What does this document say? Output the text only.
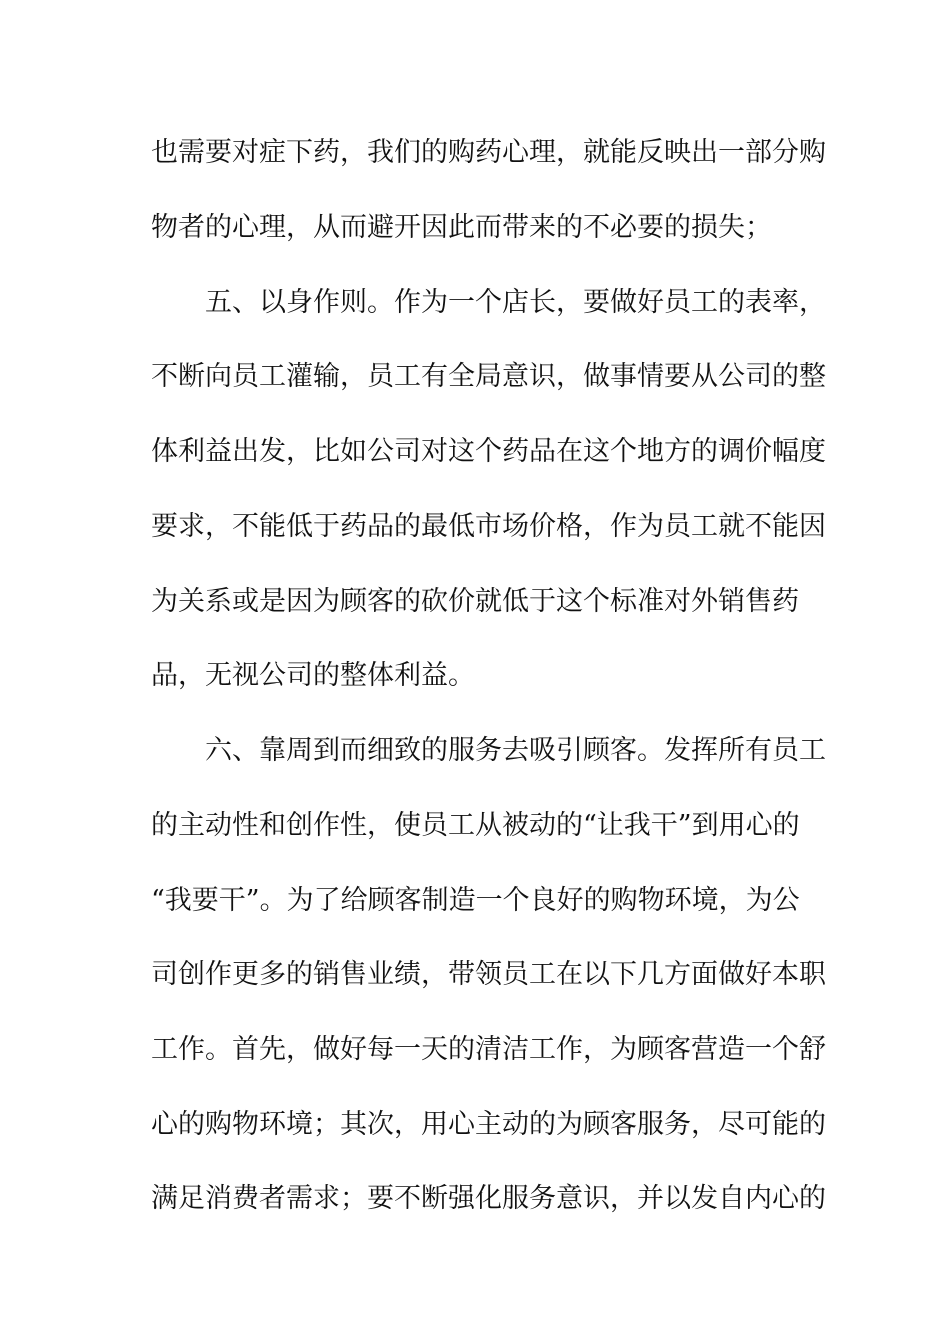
也需要对症下药，我们的购药心理，就能反映出一部分购
物者的心理，从而避开因此而带来的不必要的损失；
五、以身作则。作为一个店长，要做好员工的表率，
不断向员工灌输，员工有全局意识，做事情要从公司的整
体利益出发，比如公司对这个药品在这个地方的调价幅度
要求，不能低于药品的最低市场价格，作为员工就不能因
为关系或是因为顾客的砍价就低于这个标准对外销售药
品，无视公司的整体利益。
六、靠周到而细致的服务去吸引顾客。发挥所有员工
的主动性和创作性，使员工从被动的“让我干”到用心的
“我要干”。为了给顾客制造一个良好的购物环境，为公
司创作更多的销售业绩，带领员工在以下几方面做好本职
工作。首先，做好每一天的清洁工作，为顾客营造一个舒
心的购物环境；其次，用心主动的为顾客服务，尽可能的
满足消费者需求；要不断强化服务意识，并以发自内心的
